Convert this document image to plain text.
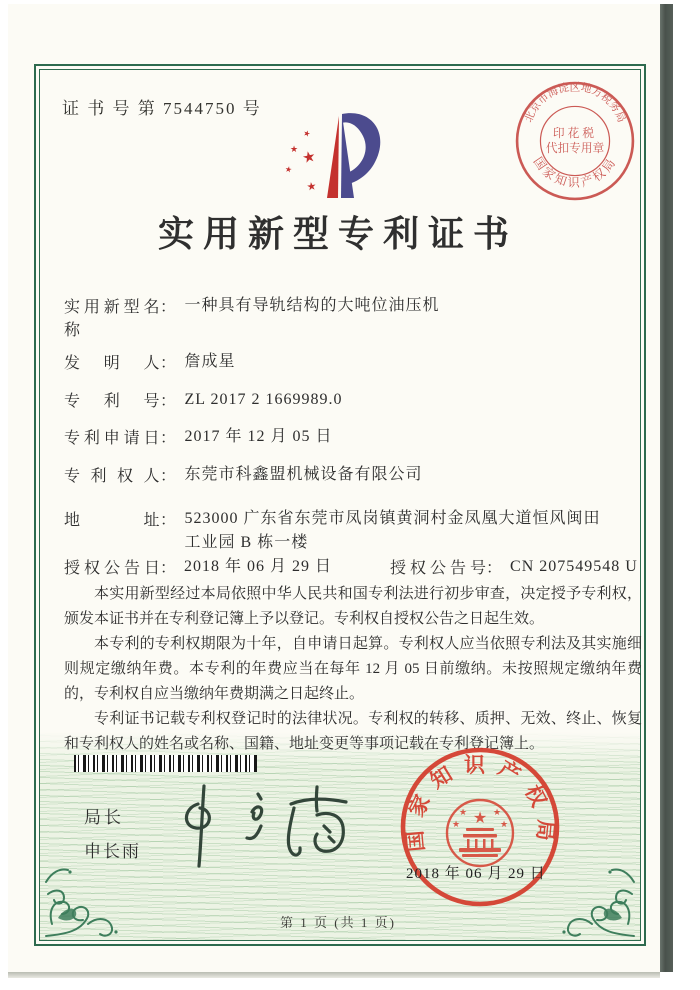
证 书 号 第 7544750 号	北京市海淀区地方税务局
国家知识产权局
印花税
代扣专用章
★
★
★
★
★
实用新型专利证书
实用新型名称： 一种具有导轨结构的大吨位油压机
发明人： 詹成星
专利号： ZL 2017 2 1669989.0
专利申请日： 2017 年 12 月 05 日
专利权人： 东莞市科鑫盟机械设备有限公司
地址： 523000 广东省东莞市凤岗镇黄洞村金凤凰大道恒风闽田
工业园 B 栋一楼
授权公告日： 2018 年 06 月 29 日	授权公告号： CN 207549548 U

本实用新型经过本局依照中华人民共和国专利法进行初步审查，决定授予专利权，颁发本证书并在专利登记簿上予以登记。专利权自授权公告之日起生效。

本专利的专利权期限为十年，自申请日起算。专利权人应当依照专利法及其实施细则规定缴纳年费。本专利的年费应当在每年 12 月 05 日前缴纳。未按照规定缴纳年费的，专利权自应当缴纳年费期满之日起终止。

专利证书记载专利权登记时的法律状况。专利权的转移、质押、无效、终止、恢复和专利权人的姓名或名称、国籍、地址变更等事项记载在专利登记簿上。

局长
申长雨	国家知识产权局
★
★	★
★	★
2018 年 06 月 29 日
第 1 页 (共 1 页)
